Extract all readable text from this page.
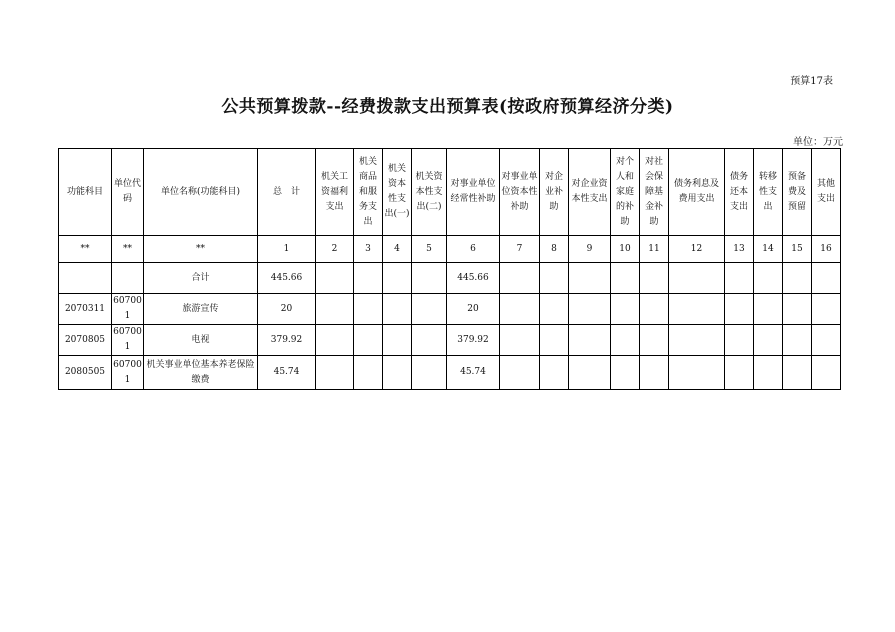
预算17表
公共预算拨款--经费拨款支出预算表(按政府预算经济分类)
单位：万元
功能科目	单位代码	单位名称(功能科目)	总　计	机关工资福利支出	机关商品和服务支出	机关资本性支出(一)	机关资本性支出(二)	对事业单位经常性补助	对事业单位资本性补助	对企业补助	对企业资本性支出	对个人和家庭的补助	对社会保障基金补助	债务利息及费用支出	债务还本支出	转移性支出	预备费及预留	其他支出
**	**	**	1	2	3	4	5	6	7	8	9	10	11	12	13	14	15	16
		合计	445.66					445.66										
2070311	607001	旅游宣传	20					20										
2070805	607001	电视	379.92					379.92										
2080505	607001	机关事业单位基本养老保险缴费	45.74					45.74										
